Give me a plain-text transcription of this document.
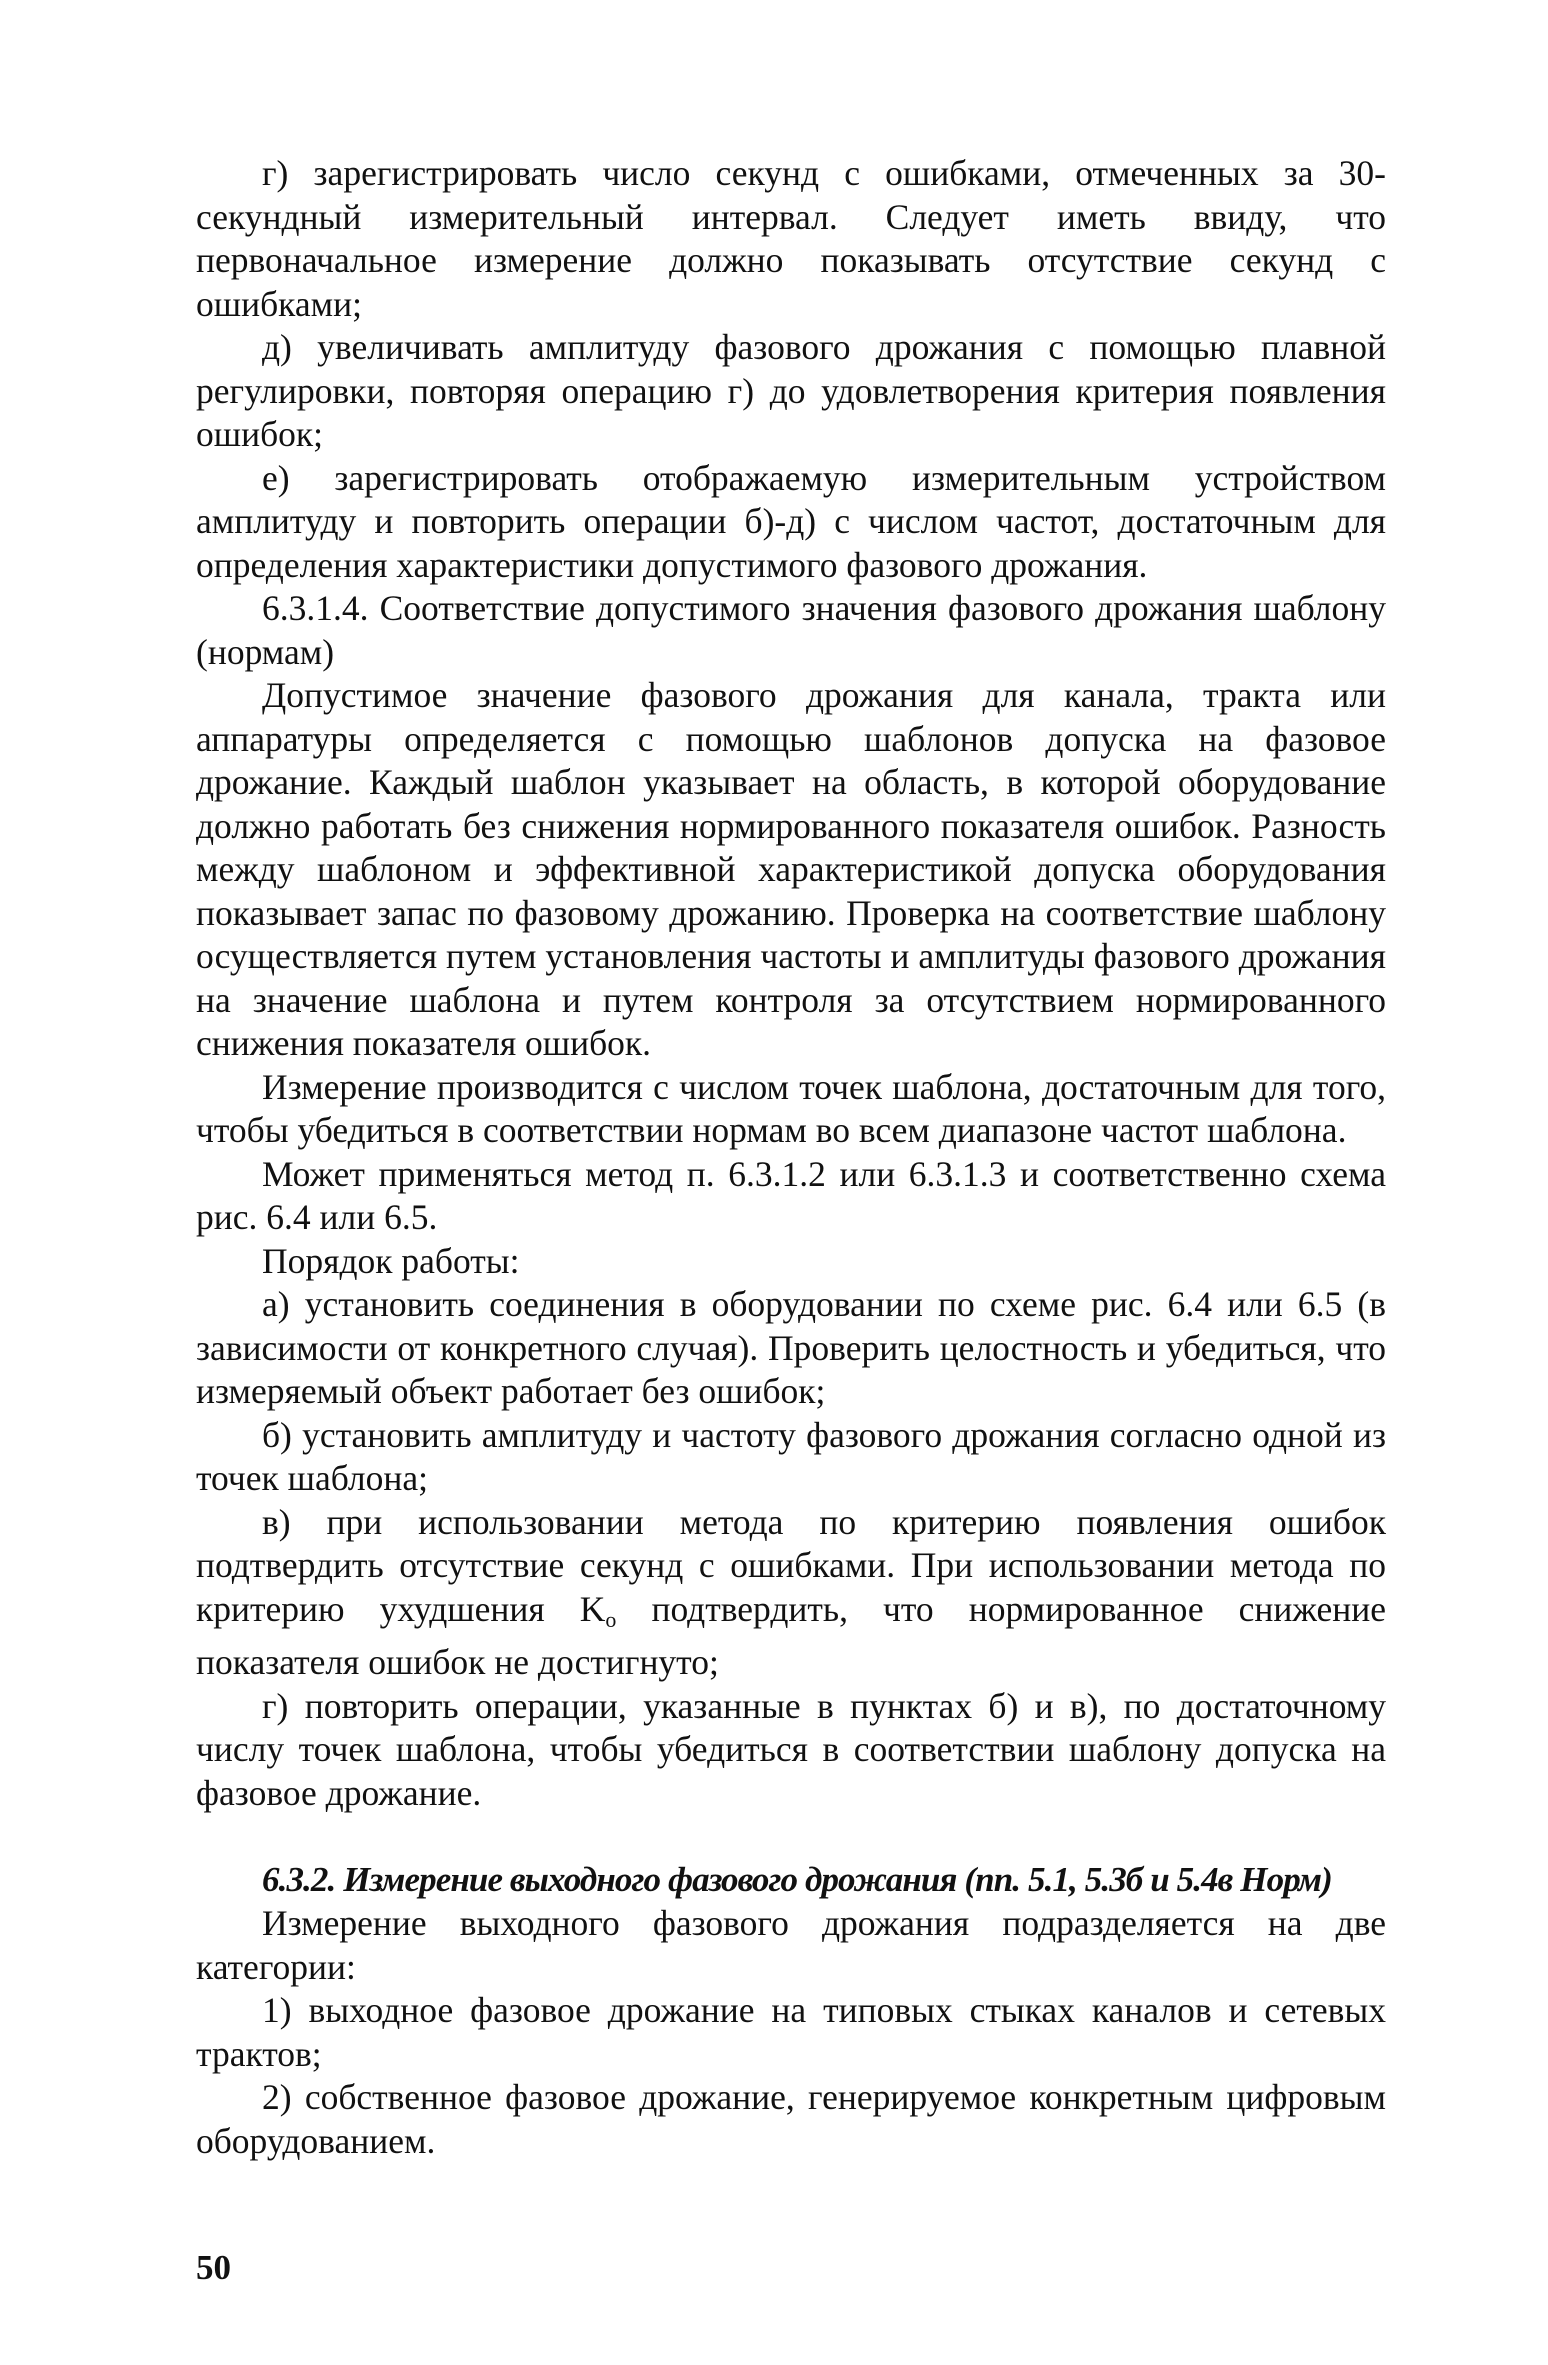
г) зарегистрировать число секунд с ошибками, отмеченных за 30-секундный измерительный интервал. Следует иметь ввиду, что первоначальное измерение должно показывать отсутствие секунд с ошибками;

д) увеличивать амплитуду фазового дрожания с помощью плавной регулировки, повторяя операцию г) до удовлетворения критерия появления ошибок;

е) зарегистрировать отображаемую измерительным устройством амплитуду и повторить операции б)-д) с числом частот, достаточным для определения характеристики допустимого фазового дрожания.

6.3.1.4. Соответствие допустимого значения фазового дрожания шаблону (нормам)

Допустимое значение фазового дрожания для канала, тракта или аппаратуры определяется с помощью шаблонов допуска на фазовое дрожание. Каждый шаблон указывает на область, в которой оборудование должно работать без снижения нормированного показателя ошибок. Разность между шаблоном и эффективной характеристикой допуска оборудования показывает запас по фазовому дрожанию. Проверка на соответствие шаблону осуществляется путем установления частоты и амплитуды фазового дрожания на значение шаблона и путем контроля за отсутствием нормированного снижения показателя ошибок.

Измерение производится с числом точек шаблона, достаточным для того, чтобы убедиться в соответствии нормам во всем диапазоне частот шаблона.

Может применяться метод п. 6.3.1.2 или 6.3.1.3 и соответственно схема рис. 6.4 или 6.5.

Порядок работы:

а) установить соединения в оборудовании по схеме рис. 6.4 или 6.5 (в зависимости от конкретного случая). Проверить целостность и убедиться, что измеряемый объект работает без ошибок;

б) установить амплитуду и частоту фазового дрожания согласно одной из точек шаблона;

в) при использовании метода по критерию появления ошибок подтвердить отсутствие секунд с ошибками. При использовании метода по критерию ухудшения $K_o$ подтвердить, что нормированное снижение показателя ошибок не достигнуто;

г) повторить операции, указанные в пунктах б) и в), по достаточному числу точек шаблона, чтобы убедиться в соответствии шаблону допуска на фазовое дрожание.

6.3.2. Измерение выходного фазового дрожания (пп. 5.1, 5.3б и 5.4в Норм)

Измерение выходного фазового дрожания подразделяется на две категории:

1) выходное фазовое дрожание на типовых стыках каналов и сетевых трактов;

2) собственное фазовое дрожание, генерируемое конкретным цифровым оборудованием.

50
